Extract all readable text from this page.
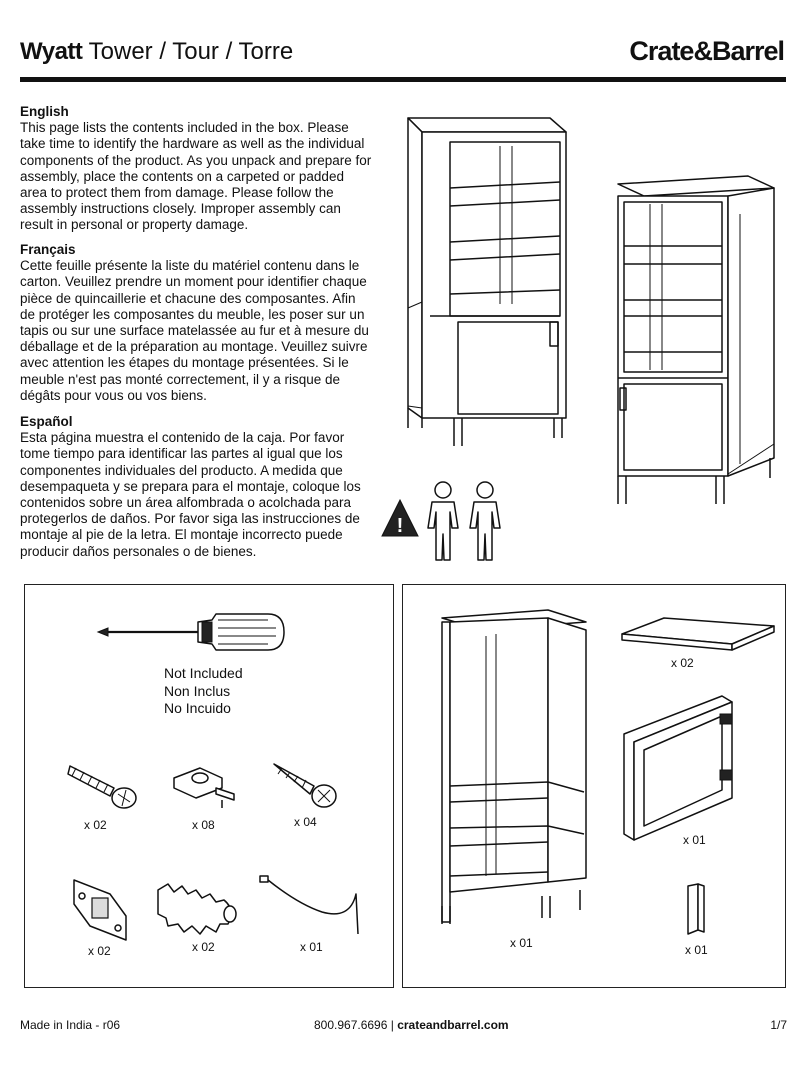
Wyatt Tower / Tour / Torre	Crate&Barrel
English

This page lists the contents included in the box. Please take time to identify the hardware as well as the individual components of the product. As you unpack and prepare for assembly, place the contents on a carpeted or padded area to protect them from damage. Please follow the assembly instructions closely. Improper assembly can result in personal or property damage.

Français

Cette feuille présente la liste du matériel contenu dans le carton. Veuillez prendre un moment pour identifier chaque pièce de quincaillerie et chacune des composantes. Afin de protéger les composantes du meuble, les poser sur un tapis ou sur une surface matelassée au fur et à mesure du déballage et de la préparation au montage. Veuillez suivre avec attention les étapes du montage présentées. Si le meuble n'est pas monté correctement, il y a risque de dégâts pour vous ou vos biens.

Español

Esta página muestra el contenido de la caja. Por favor tome tiempo para identificar las partes al igual que los componentes individuales del producto. A medida que desempaqueta y se prepara para el montaje, coloque los contenidos sobre un área alfombrada o acolchada para protegerlos de daños. Por favor siga las instrucciones de montaje al pie de la letra. El montaje incorrecto puede producir daños personales o de bienes.

!
Not Included
Non Inclus
No Incuido
x 02	x 08	x 04
x 02	x 02	x 01	x 01
x 02
x 01
x 01
Made in India - r06	800.967.6696 | crateandbarrel.com	1/7
